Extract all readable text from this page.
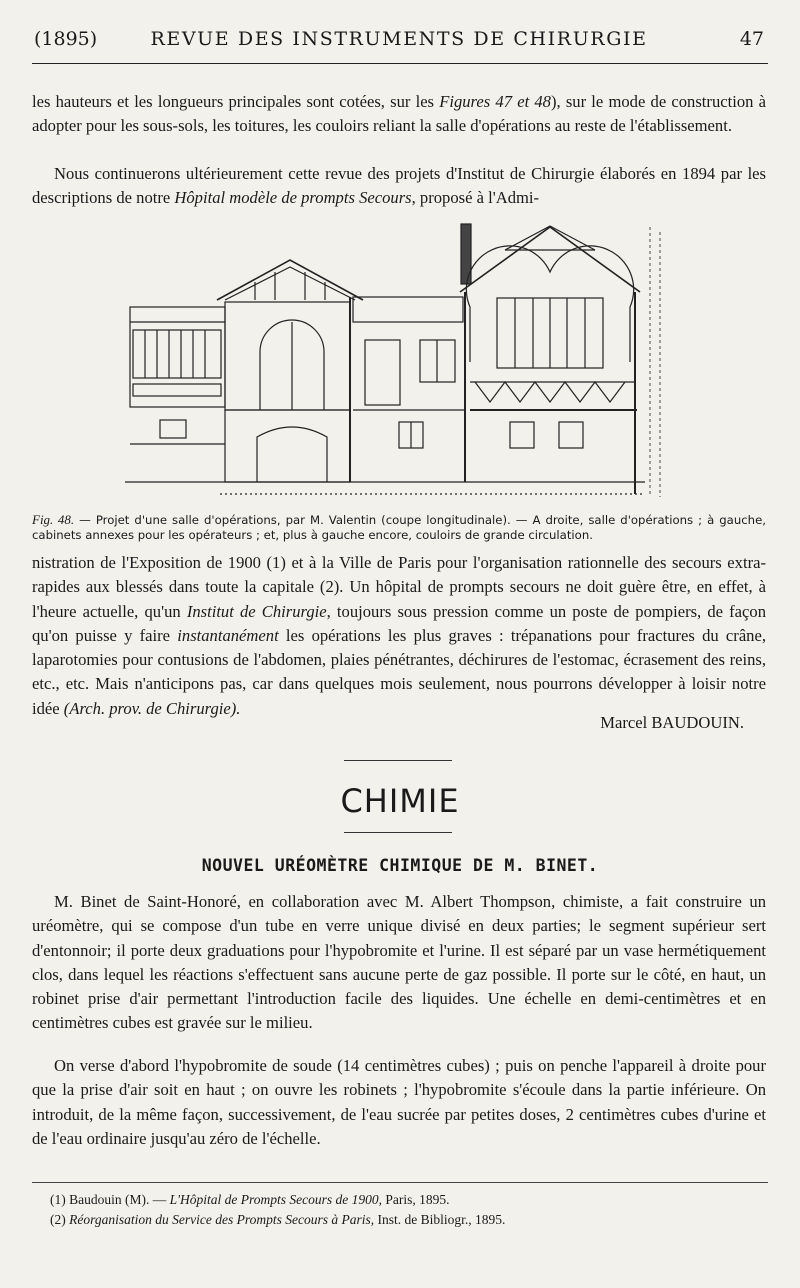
(1895)	REVUE DES INSTRUMENTS DE CHIRURGIE	47
les hauteurs et les longueurs principales sont cotées, sur les Figures 47 et 48), sur le mode de construction à adopter pour les sous-sols, les toitures, les couloirs reliant la salle d'opérations au reste de l'établissement.
Nous continuerons ultérieurement cette revue des projets d'Institut de Chirurgie élaborés en 1894 par les descriptions de notre Hôpital modèle de prompts Secours, proposé à l'Admi-
Fig. 48. — Projet d'une salle d'opérations, par M. Valentin (coupe longitudinale). — A droite, salle d'opérations ; à gauche, cabinets annexes pour les opérateurs ; et, plus à gauche encore, couloirs de grande circulation.
nistration de l'Exposition de 1900 (1) et à la Ville de Paris pour l'organisation rationnelle des secours extra-rapides aux blessés dans toute la capitale (2). Un hôpital de prompts secours ne doit guère être, en effet, à l'heure actuelle, qu'un Institut de Chirurgie, toujours sous pression comme un poste de pompiers, de façon qu'on puisse y faire instantanément les opérations les plus graves : trépanations pour fractures du crâne, laparotomies pour contusions de l'abdomen, plaies pénétrantes, déchirures de l'estomac, écrasement des reins, etc., etc. Mais n'anticipons pas, car dans quelques mois seulement, nous pourrons développer à loisir notre idée (Arch. prov. de Chirurgie).
Marcel BAUDOUIN.
CHIMIE
NOUVEL URÉOMÈTRE CHIMIQUE DE M. BINET.
M. Binet de Saint-Honoré, en collaboration avec M. Albert Thompson, chimiste, a fait construire un uréomètre, qui se compose d'un tube en verre unique divisé en deux parties; le segment supérieur sert d'entonnoir; il porte deux graduations pour l'hypobromite et l'urine. Il est séparé par un vase hermétiquement clos, dans lequel les réactions s'effectuent sans aucune perte de gaz possible. Il porte sur le côté, en haut, un robinet prise d'air permettant l'introduction facile des liquides. Une échelle en demi-centimètres et en centimètres cubes est gravée sur le milieu.
On verse d'abord l'hypobromite de soude (14 centimètres cubes) ; puis on penche l'appareil à droite pour que la prise d'air soit en haut ; on ouvre les robinets ; l'hypobromite s'écoule dans la partie inférieure. On introduit, de la même façon, successivement, de l'eau sucrée par petites doses, 2 centimètres cubes d'urine et de l'eau ordinaire jusqu'au zéro de l'échelle.
(1) Baudouin (M). — L'Hôpital de Prompts Secours de 1900, Paris, 1895.
(2) Réorganisation du Service des Prompts Secours à Paris, Inst. de Bibliogr., 1895.
